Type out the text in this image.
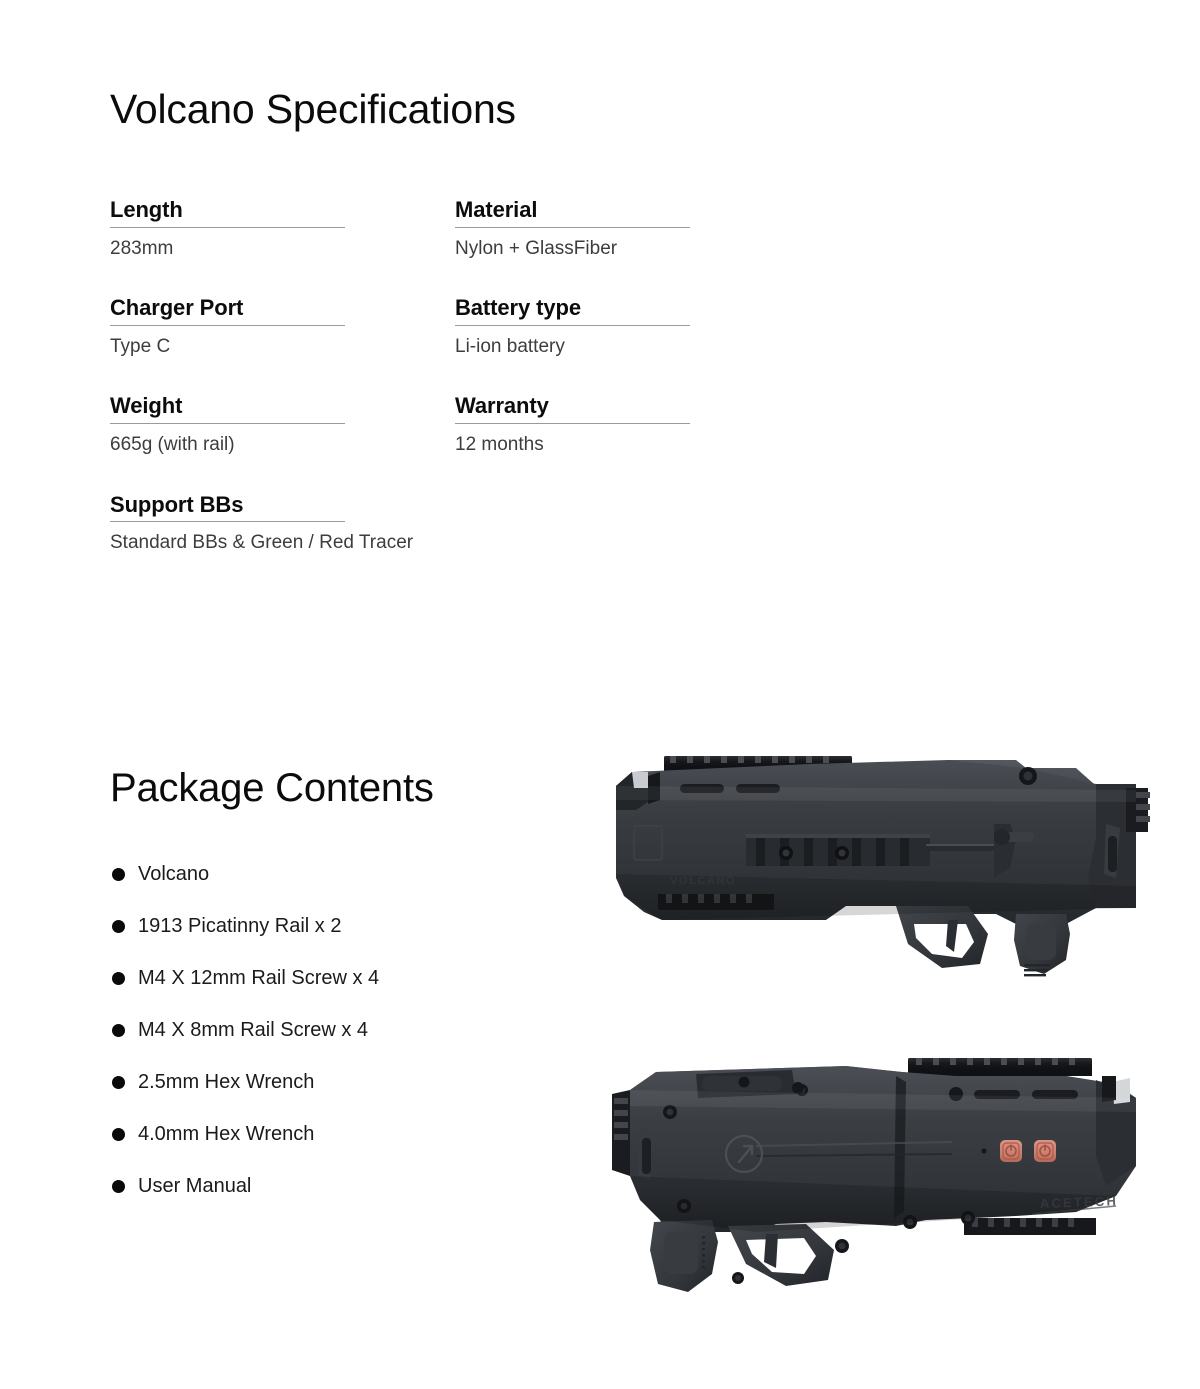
Volcano Specifications
Length
283mm
Material
Nylon + GlassFiber
Charger Port
Type C
Battery type
Li-ion battery
Weight
665g (with rail)
Warranty
12 months
Support BBs
Standard BBs & Green / Red Tracer
Package Contents
Volcano
1913 Picatinny Rail x 2
M4 X 12mm Rail Screw x 4
M4 X 8mm Rail Screw x 4
2.5mm Hex Wrench
4.0mm Hex Wrench
User Manual
VOLCANO
ACETECH
